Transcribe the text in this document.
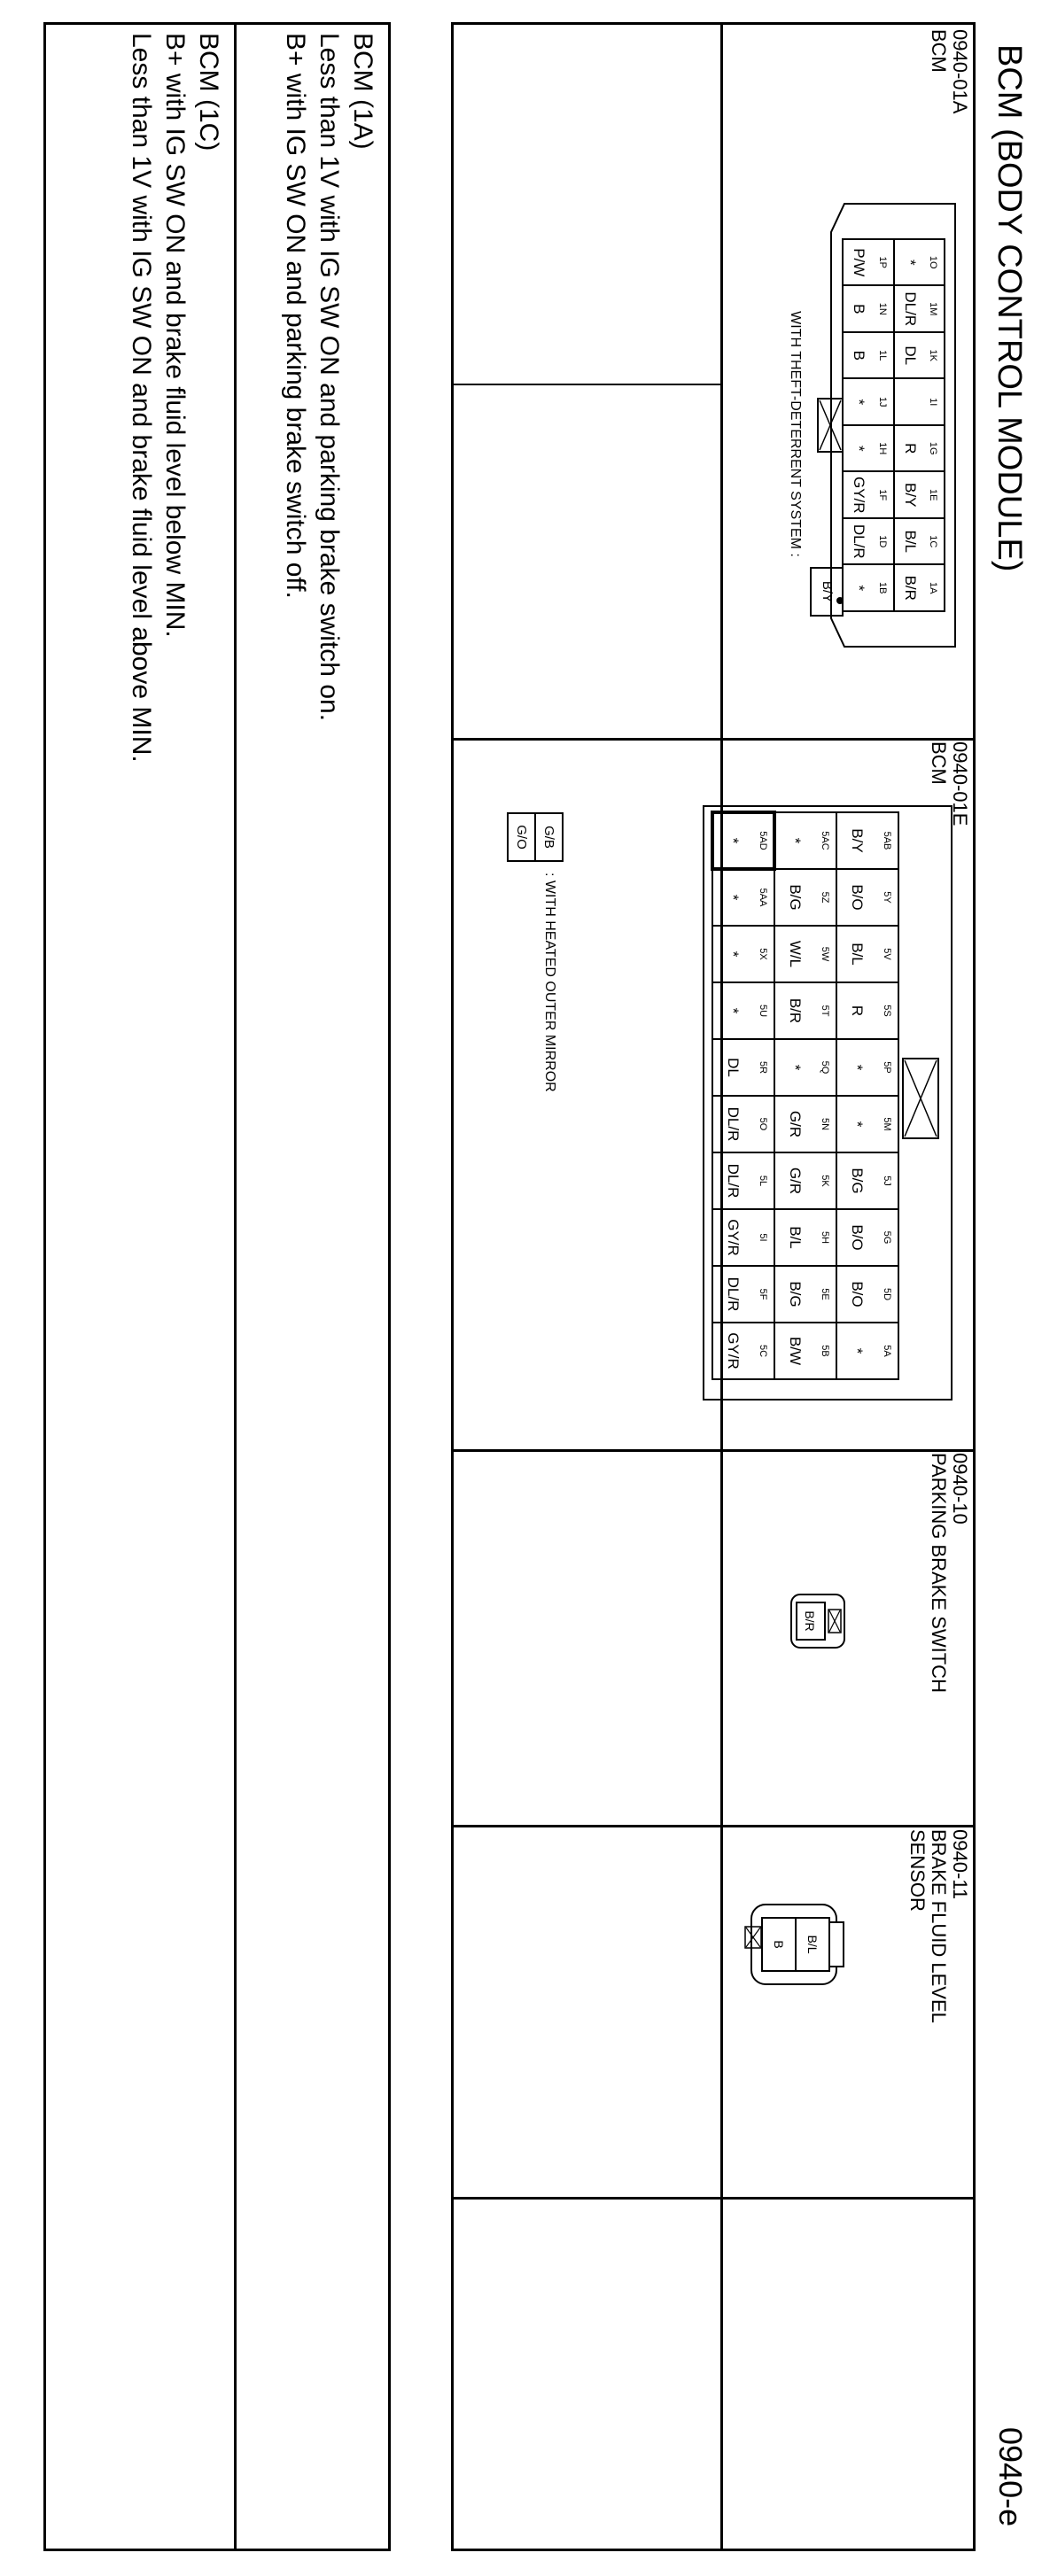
BCM (BODY CONTROL MODULE)
0940-e
0940-01A
BCM
1O
*
1M
DL/R
1K
DL
1I
1G
R
1E
B/Y
1C
B/L
1A
B/R
1P
P/W
1N
B
1L
B
1J
*
1H
*
1F
GY/R
1D
DL/R
1B
*
WITH THEFT-DETERRENT SYSTEM :
B/Y
0940-01E
BCM
5AB
B/Y
5Y
B/O
5V
B/L
5S
R
5P
*
5M
*
5J
B/G
5G
B/O
5D
B/O
5A
*
5AC
*
5Z
B/G
5W
W/L
5T
B/R
5Q
*
5N
G/R
5K
G/R
5H
B/L
5E
B/G
5B
B/W
5AD
*
5AA
*
5X
*
5U
*
5R
DL
5O
DL/R
5L
DL/R
5I
GY/R
5F
DL/R
5C
GY/R
G/B
G/O
: WITH HEATED OUTER MIRROR
0940-10
PARKING BRAKE SWITCH
B/R
0940-11
BRAKE FLUID LEVEL
SENSOR
B/L
B
BCM (1A)
Less than 1V with IG SW ON and parking brake switch on.
B+ with IG SW ON and parking brake switch off.
BCM (1C)
B+ with IG SW ON and brake fluid level below MIN.
Less than 1V with IG SW ON and brake fluid level above MIN.
